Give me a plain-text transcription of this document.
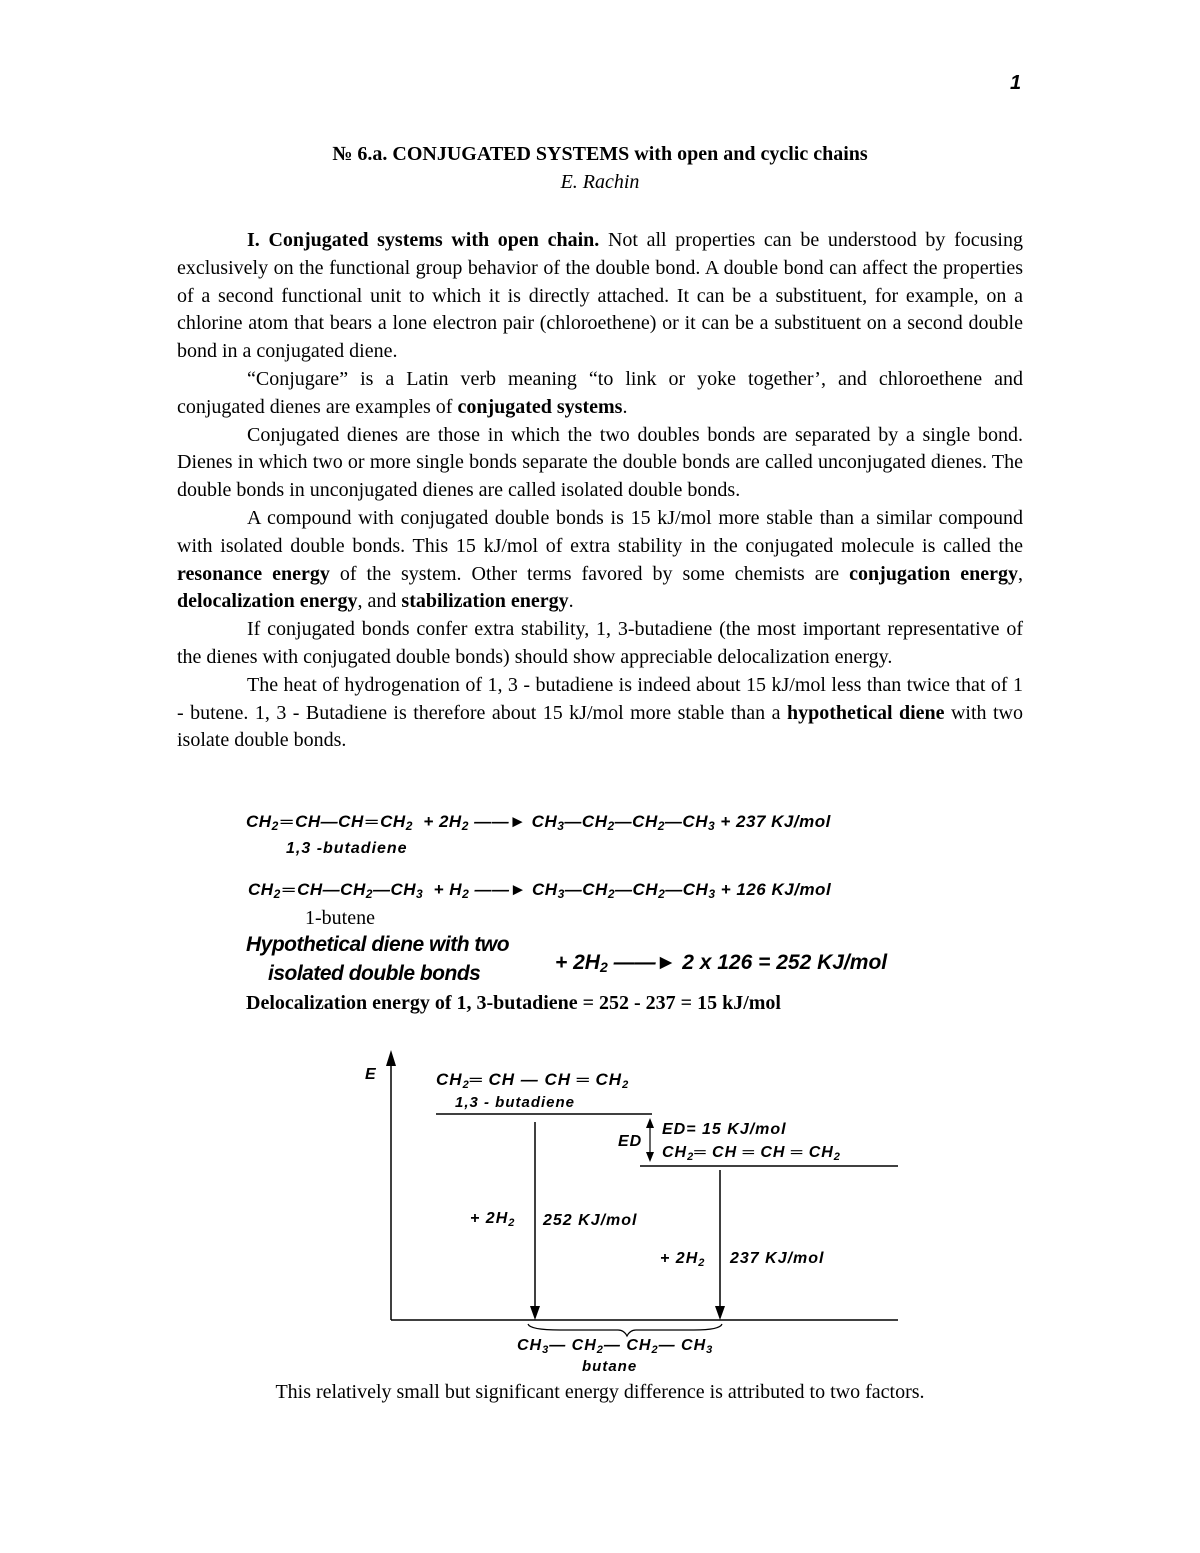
1
№ 6.a. CONJUGATED SYSTEMS with open and cyclic chains
E. Rachin

I. Conjugated systems with open chain. Not all properties can be understood by focusing exclusively on the functional group behavior of the double bond. A double bond can affect the properties of a second functional unit to which it is directly attached. It can be a substituent, for example, on a chlorine atom that bears a lone electron pair (chloroethene) or it can be a substituent on a second double bond in a conjugated diene.

“Conjugare” is a Latin verb meaning “to link or yoke together’, and chloroethene and conjugated dienes are examples of conjugated systems.

Conjugated dienes are those in which the two doubles bonds are separated by a single bond. Dienes in which two or more single bonds separate the double bonds are called unconjugated dienes. The double bonds in unconjugated dienes are called isolated double bonds.

A compound with conjugated double bonds is 15 kJ/mol more stable than a similar compound with isolated double bonds. This 15 kJ/mol of extra stability in the conjugated molecule is called the resonance energy of the system. Other terms favored by some chemists are conjugation energy, delocalization energy, and stabilization energy.

If conjugated bonds confer extra stability, 1, 3-butadiene (the most important representative of the dienes with conjugated double bonds) should show appreciable delocalization energy.

The heat of hydrogenation of 1, 3 - butadiene is indeed about 15 kJ/mol less than twice that of 1 - butene. 1, 3 - Butadiene is therefore about 15 kJ/mol more stable than a hypothetical diene with two isolate double bonds.

$CH_2$ ═ CH—CH ═ $CH_2 + 2H_2$ ——► $CH_3—CH_2—CH_2—CH_3 + 237$ KJ/mol
1,3 -butadiene
$CH_2$ ═ $CH—CH_2—CH_3 + H_2$ ——► $CH_3—CH_2—CH_2—CH_3 + 126$ KJ/mol
1-butene
Hypothetical diene with two
isolated double bonds	+ $2H_2$ ——► 2 x 126 = 252 KJ/mol
Delocalization energy of 1, 3-butadiene = 252 - 237 = 15 kJ/mol
E	$CH_2═$ CH — CH ═ $CH_2$
1,3 - butadiene
ED
ED= 15 KJ/mol
$CH_2═$ CH ═ CH ═ $CH_2$
+ $2H_2$ 252 KJ/mol
+ $2H_2$ 237 KJ/mol
$CH_3—$ $CH_2—$ $CH_2—$ $CH_3$
butane
This relatively small but significant energy difference is attributed to two factors.
